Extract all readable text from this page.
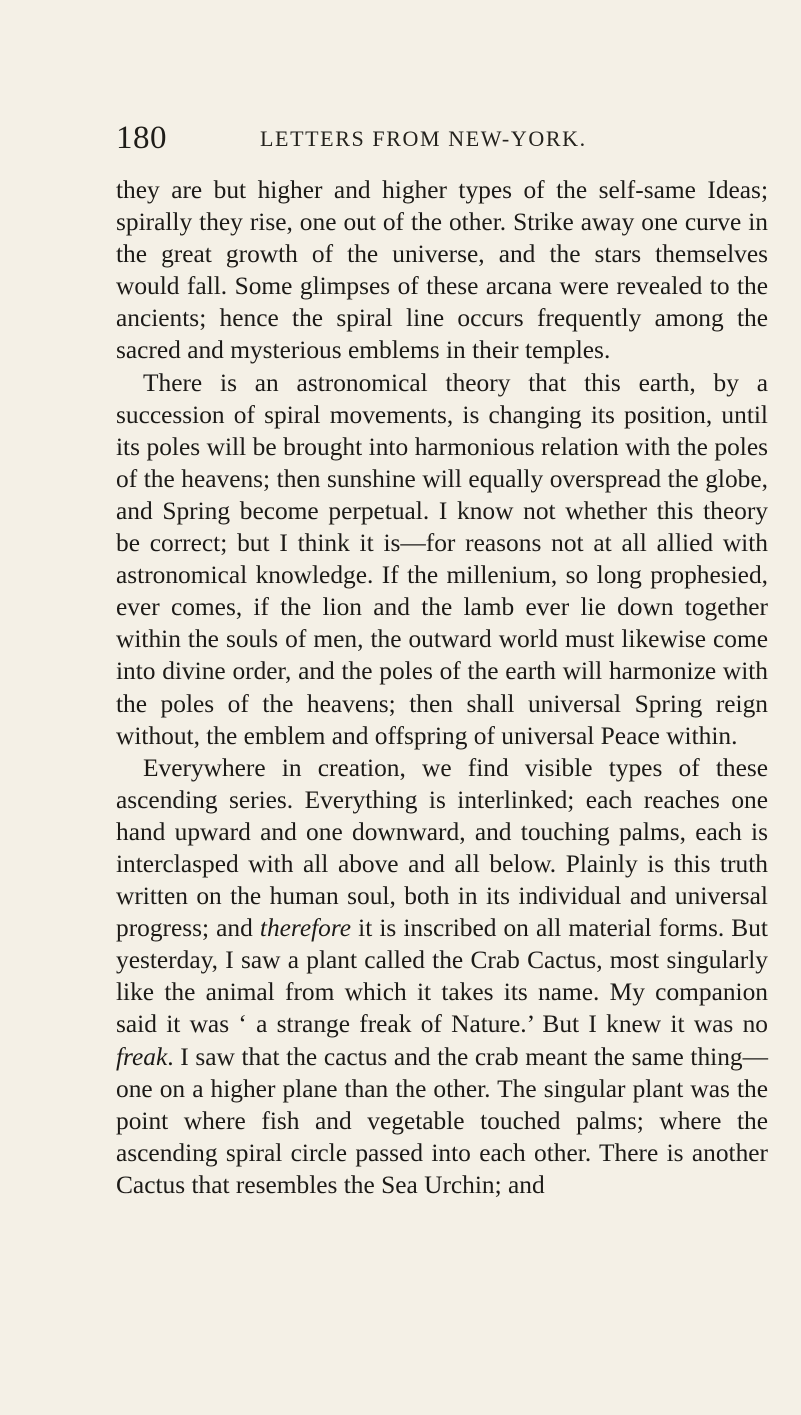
180	LETTERS FROM NEW-YORK.

they are but higher and higher types of the self-same Ideas; spirally they rise, one out of the other. Strike away one curve in the great growth of the universe, and the stars themselves would fall. Some glimpses of these arcana were revealed to the ancients; hence the spiral line occurs frequently among the sacred and mysterious emblems in their temples.

There is an astronomical theory that this earth, by a succession of spiral movements, is changing its position, until its poles will be brought into harmonious relation with the poles of the heavens; then sunshine will equally overspread the globe, and Spring become perpetual. I know not whether this theory be correct; but I think it is—for reasons not at all allied with astronomical knowledge. If the millenium, so long prophesied, ever comes, if the lion and the lamb ever lie down together within the souls of men, the outward world must likewise come into divine order, and the poles of the earth will harmonize with the poles of the heavens; then shall universal Spring reign without, the emblem and offspring of universal Peace within.

Everywhere in creation, we find visible types of these ascending series. Everything is interlinked; each reaches one hand upward and one downward, and touching palms, each is interclasped with all above and all below. Plainly is this truth written on the human soul, both in its individual and universal progress; and therefore it is inscribed on all material forms. But yesterday, I saw a plant called the Crab Cactus, most singularly like the animal from which it takes its name. My companion said it was ‘ a strange freak of Nature.’ But I knew it was no freak. I saw that the cactus and the crab meant the same thing—one on a higher plane than the other. The singular plant was the point where fish and vegetable touched palms; where the ascending spiral circle passed into each other. There is another Cactus that resembles the Sea Urchin; and
